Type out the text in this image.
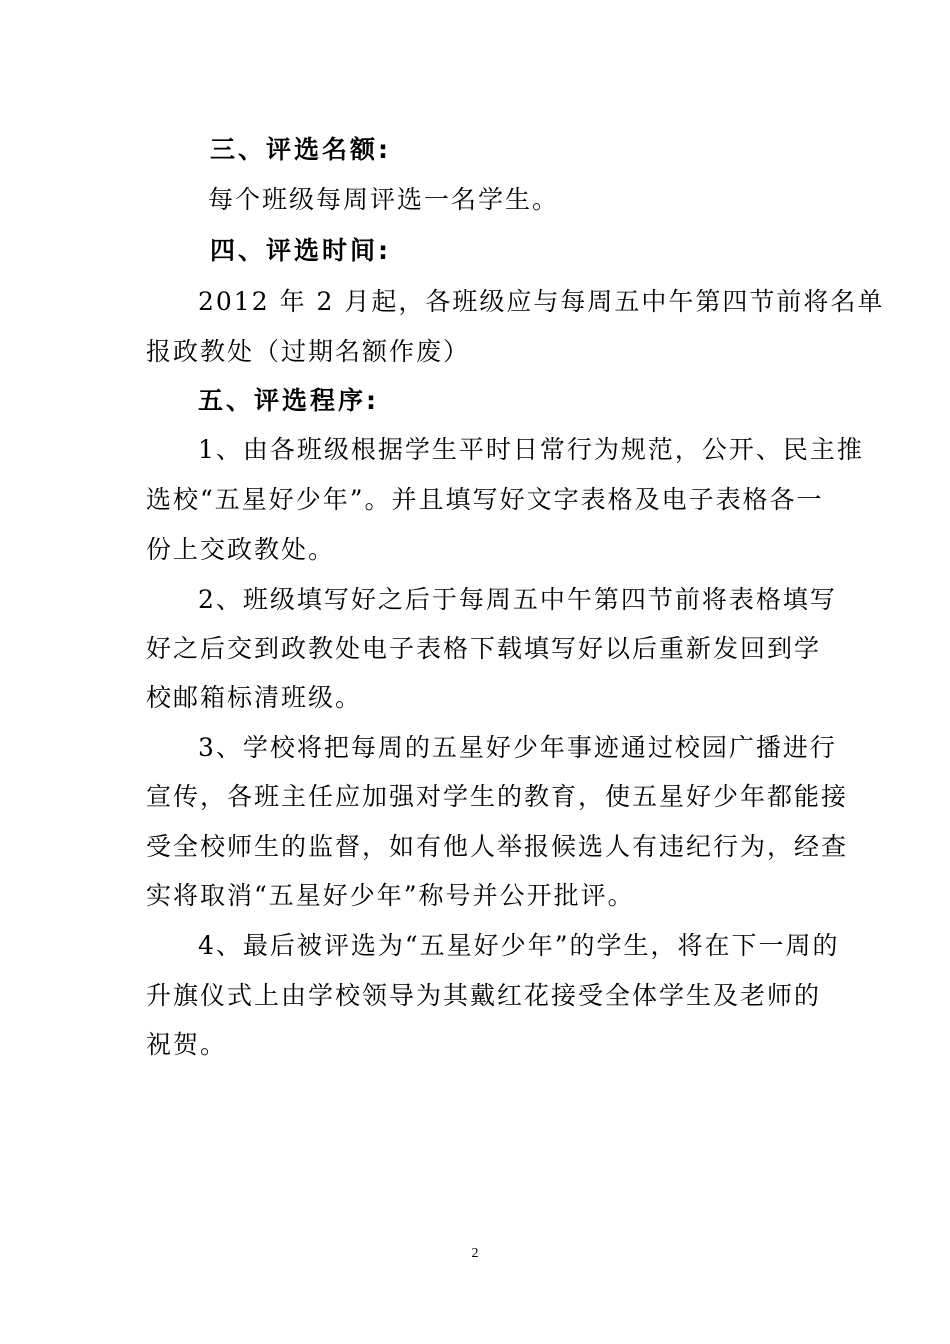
三、评选名额:
每个班级每周评选一名学生。
四、评选时间:
2012 年 2 月起，各班级应与每周五中午第四节前将名单
报政教处（过期名额作废）
五、评选程序:
1、由各班级根据学生平时日常行为规范，公开、民主推
选校“五星好少年”。并且填写好文字表格及电子表格各一
份上交政教处。
2、班级填写好之后于每周五中午第四节前将表格填写
好之后交到政教处电子表格下载填写好以后重新发回到学
校邮箱标清班级。
3、学校将把每周的五星好少年事迹通过校园广播进行
宣传，各班主任应加强对学生的教育，使五星好少年都能接
受全校师生的监督，如有他人举报候选人有违纪行为，经查
实将取消“五星好少年”称号并公开批评。
4、最后被评选为“五星好少年”的学生，将在下一周的
升旗仪式上由学校领导为其戴红花接受全体学生及老师的
祝贺。
2
